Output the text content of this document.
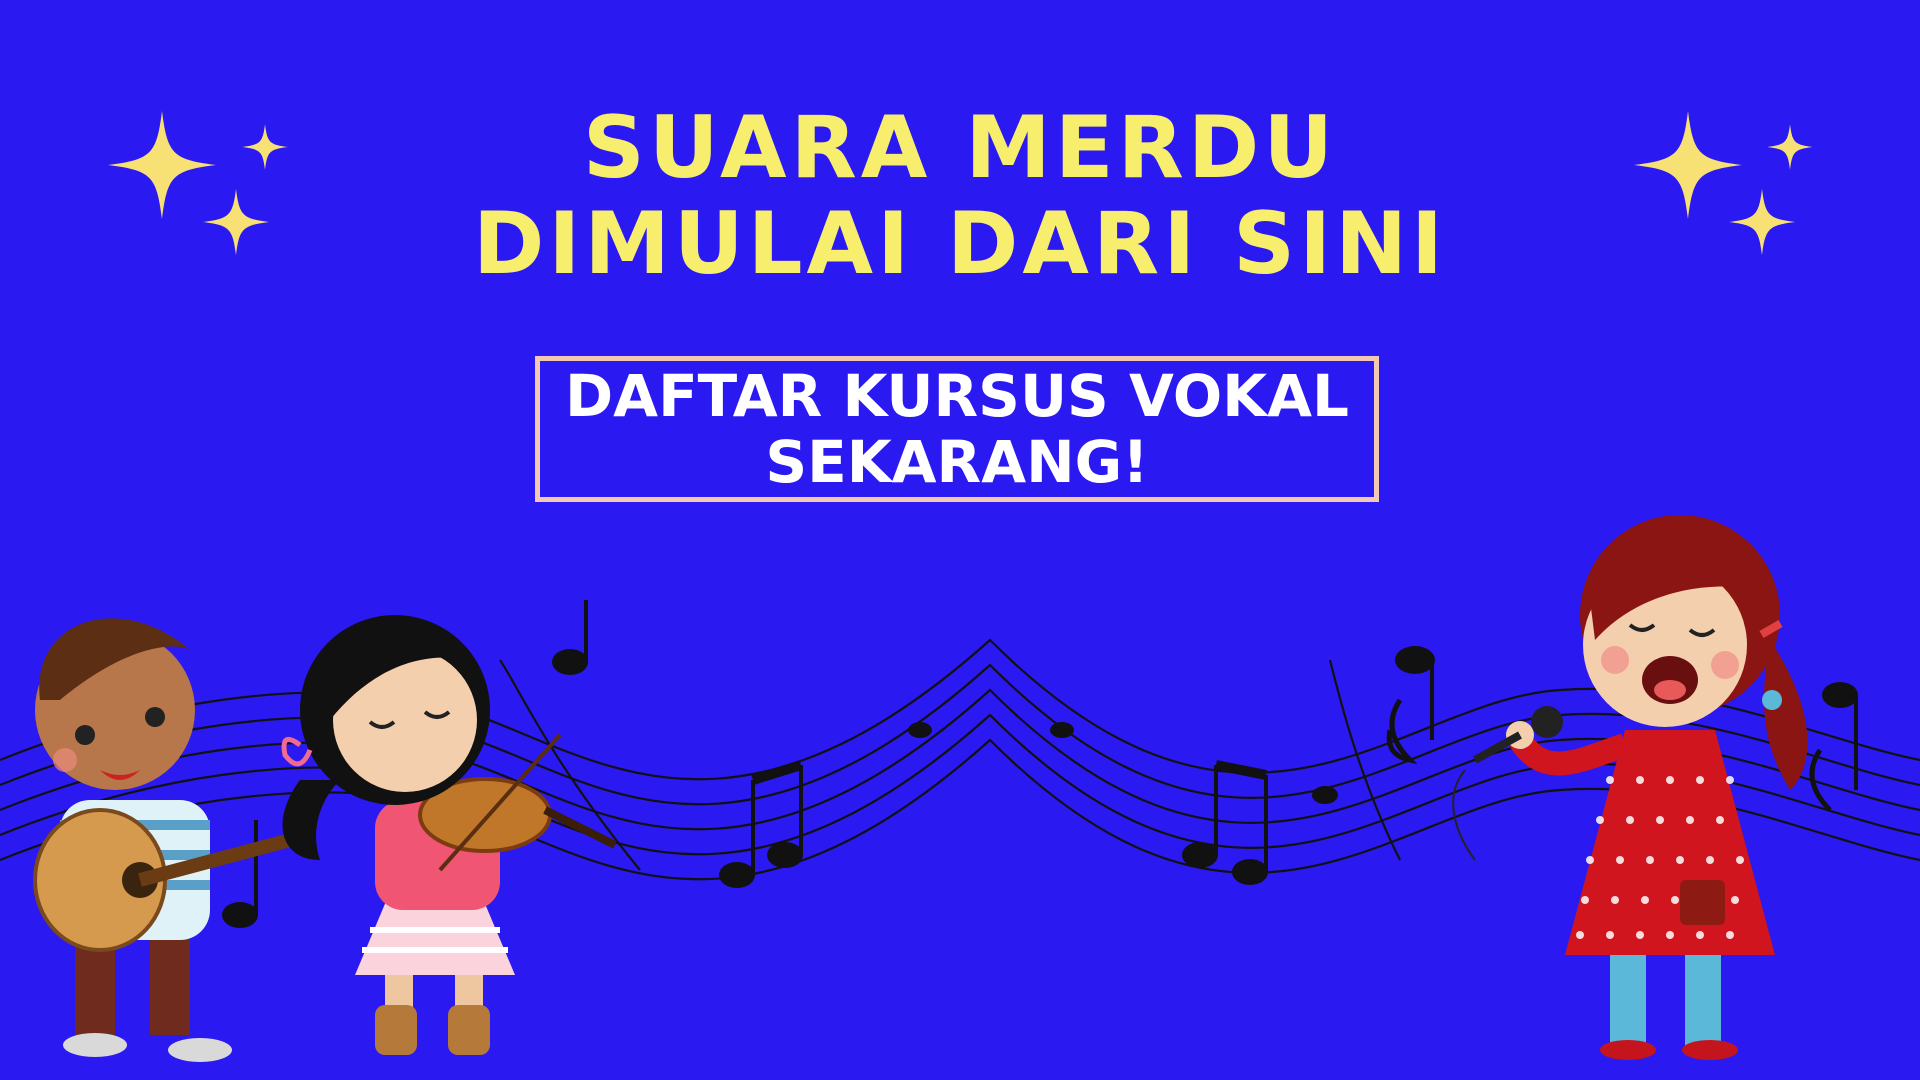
SUARA MERDU
DIMULAI DARI SINI
DAFTAR KURSUS VOKAL
SEKARANG!
